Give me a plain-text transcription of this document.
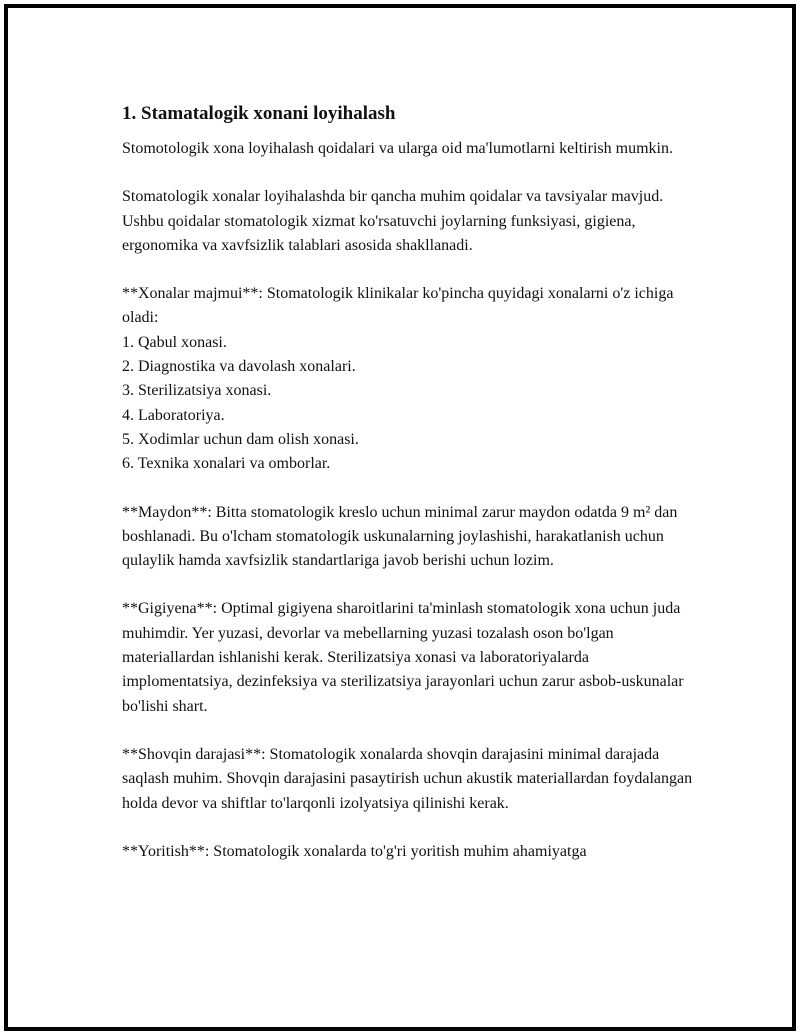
1. Stamatalogik xonani loyihalash

Stomotologik xona loyihalash qoidalari va ularga oid ma'lumotlarni keltirish mumkin.

Stomatologik xonalar loyihalashda bir qancha muhim qoidalar va tavsiyalar mavjud. Ushbu qoidalar stomatologik xizmat ko'rsatuvchi joylarning funksiyasi, gigiena, ergonomika va xavfsizlik talablari asosida shakllanadi.

**Xonalar majmui**: Stomatologik klinikalar ko'pincha quyidagi xonalarni o'z ichiga oladi:

1. Qabul xonasi.
2. Diagnostika va davolash xonalari.
3. Sterilizatsiya xonasi.
4. Laboratoriya.
5. Xodimlar uchun dam olish xonasi.
6. Texnika xonalari va omborlar.

**Maydon**: Bitta stomatologik kreslo uchun minimal zarur maydon odatda 9 m² dan boshlanadi. Bu o'lcham stomatologik uskunalarning joylashishi, harakatlanish uchun qulaylik hamda xavfsizlik standartlariga javob berishi uchun lozim.

**Gigiyena**: Optimal gigiyena sharoitlarini ta'minlash stomatologik xona uchun juda muhimdir. Yer yuzasi, devorlar va mebellarning yuzasi tozalash oson bo'lgan materiallardan ishlanishi kerak. Sterilizatsiya xonasi va laboratoriyalarda implomentatsiya, dezinfeksiya va sterilizatsiya jarayonlari uchun zarur asbob-uskunalar bo'lishi shart.

**Shovqin darajasi**: Stomatologik xonalarda shovqin darajasini minimal darajada saqlash muhim. Shovqin darajasini pasaytirish uchun akustik materiallardan foydalangan holda devor va shiftlar to'larqonli izolyatsiya qilinishi kerak.

**Yoritish**: Stomatologik xonalarda to'g'ri yoritish muhim ahamiyatga
